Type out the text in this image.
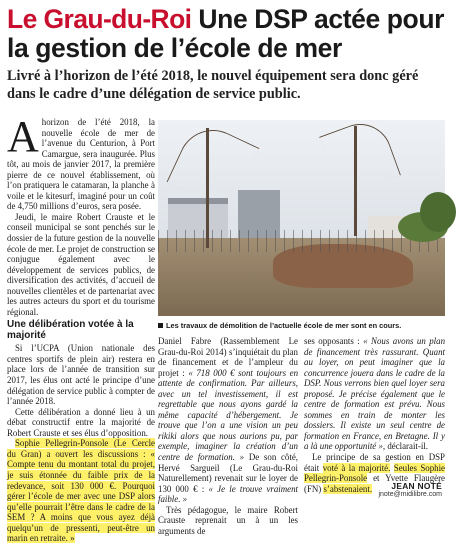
Le Grau-du-Roi Une DSP actée pour la gestion de l’école de mer

Livré à l’horizon de l’été 2018, le nouvel équipement sera donc géré dans le cadre d’une délégation de service public.

Ahorizon de l’été 2018, la nouvelle école de mer de l’avenue du Centurion, à Port Camargue, sera inaugurée. Plus tôt, au mois de janvier 2017, la première pierre de ce nouvel établissement, où l’on pratiquera le catamaran, la planche à voile et le kitesurf, imaginé pour un coût de 4,750 millions d’euros, sera posée.

Jeudi, le maire Robert Crauste et le conseil municipal se sont penchés sur le dossier de la future gestion de la nouvelle école de mer. Le projet de construction se conjugue également avec le développement de services publics, de diversification des activités, d’accueil de nouvelles clientèles et de partenariat avec les autres acteurs du sport et du tourisme régional.

Une délibération votée à la majorité

Si l’UCPA (Union nationale des centres sportifs de plein air) restera en place lors de l’année de transition sur 2017, les élus ont acté le principe d’une délégation de service public à compter de l’année 2018.

Cette délibération a donné lieu à un débat constructif entre la majorité de Robert Crauste et ses élus d’opposition.

Sophie Pellegrin-Ponsole (Le Cercle du Gran) a ouvert les discussions : « Compte tenu du montant total du projet, je suis étonnée du faible prix de la redevance, soit 130 000 €. Pourquoi gérer l’école de mer avec une DSP alors qu’elle pourrait l’être dans le cadre de la SEM ? A moins que vous ayez déjà quelqu’un de pressenti, peut-être un marin en retraite. »

Les travaux de démolition de l’actuelle école de mer sont en cours.

Daniel Fabre (Rassemblement Le Grau-du-Roi 2014) s’inquiétait du plan de financement et de l’ampleur du projet : « 718 000 € sont toujours en attente de confirmation. Par ailleurs, avec un tel investissement, il est regrettable que nous ayons gardé la même capacité d’hébergement. Je trouve que l’on a une vision un peu rikiki alors que nous aurions pu, par exemple, imaginer la création d’un centre de formation. » De son côté, Hervé Sargueil (Le Grau-du-Roi Naturellement) revenait sur le loyer de 130 000 € : « Je le trouve vraiment faible. »

Très pédagogue, le maire Robert Crauste reprenait un à un les arguments de

ses opposants : « Nous avons un plan de financement très rassurant. Quant au loyer, on peut imaginer que la concurrence jouera dans le cadre de la DSP. Nous verrons bien quel loyer sera proposé. Je précise également que le centre de formation est prévu. Nous sommes en train de monter les dossiers. Il existe un seul centre de formation en France, en Bretagne. Il y a là une opportunité », déclarait-il.

Le principe de sa gestion en DSP était voté à la majorité. Seules Sophie Pellegrin-Ponsole et Yvette Flaugère (FN) s’abstenaient.	JEAN NOTÉ
jnote@midilibre.com
